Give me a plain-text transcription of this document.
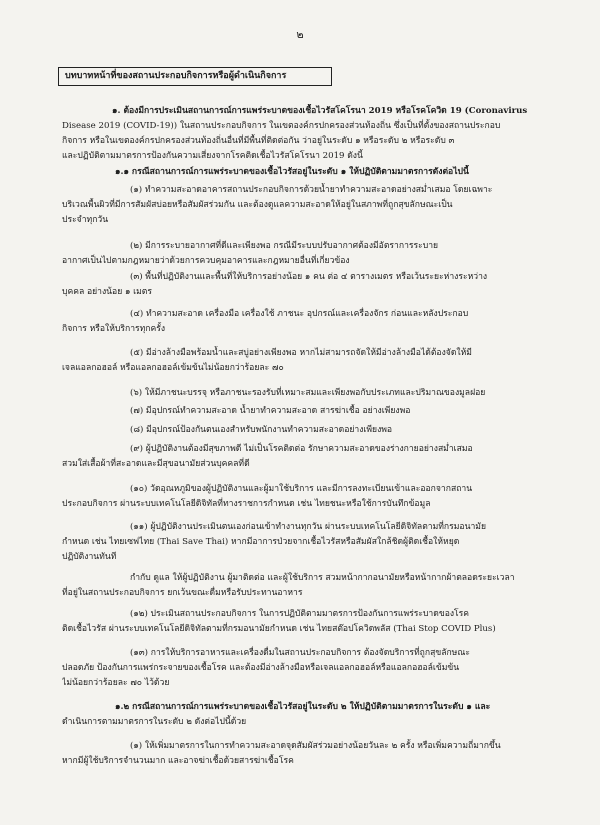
๒
บทบาทหน้าที่ของสถานประกอบกิจการหรือผู้ดำเนินกิจการ
๑. ต้องมีการประเมินสถานการณ์การแพร่ระบาดของเชื้อไวรัสโคโรนา 2019 หรือโรคโควิด 19 (Coronavirus
Disease 2019 (COVID-19)) ในสถานประกอบกิจการ ในเขตองค์กรปกครองส่วนท้องถิ่น ซึ่งเป็นที่ตั้งของสถานประกอบ
กิจการ หรือในเขตองค์กรปกครองส่วนท้องถิ่นอื่นที่มีพื้นที่ติดต่อกัน ว่าอยู่ในระดับ ๑ หรือระดับ ๒ หรือระดับ ๓
และปฏิบัติตามมาตรการป้องกันความเสี่ยงจากโรคติดเชื้อไวรัสโคโรนา 2019 ดังนี้
๑.๑ กรณีสถานการณ์การแพร่ระบาดของเชื้อไวรัสอยู่ในระดับ ๑ ให้ปฏิบัติตามมาตรการดังต่อไปนี้
(๑) ทำความสะอาดอาคารสถานประกอบกิจการด้วยน้ำยาทำความสะอาดอย่างสม่ำเสมอ โดยเฉพาะ
บริเวณพื้นผิวที่มีการสัมผัสบ่อยหรือสัมผัสร่วมกัน และต้องดูแลความสะอาดให้อยู่ในสภาพที่ถูกสุขลักษณะเป็น
ประจำทุกวัน
(๒) มีการระบายอากาศที่ดีและเพียงพอ กรณีมีระบบปรับอากาศต้องมีอัตราการระบาย
อากาศเป็นไปตามกฎหมายว่าด้วยการควบคุมอาคารและกฎหมายอื่นที่เกี่ยวข้อง
(๓) พื้นที่ปฏิบัติงานและพื้นที่ให้บริการอย่างน้อย ๑ คน ต่อ ๔ ตารางเมตร หรือเว้นระยะห่างระหว่าง
บุคคล อย่างน้อย ๑ เมตร
(๔) ทำความสะอาด เครื่องมือ เครื่องใช้ ภาชนะ อุปกรณ์และเครื่องจักร ก่อนและหลังประกอบ
กิจการ หรือให้บริการทุกครั้ง
(๕) มีอ่างล้างมือพร้อมน้ำและสบู่อย่างเพียงพอ หากไม่สามารถจัดให้มีอ่างล้างมือได้ต้องจัดให้มี
เจลแอลกอฮอล์ หรือแอลกอฮอล์เข้มข้นไม่น้อยกว่าร้อยละ ๗๐
(๖) ให้มีภาชนะบรรจุ หรือภาชนะรองรับที่เหมาะสมและเพียงพอกับประเภทและปริมาณของมูลฝอย
(๗) มีอุปกรณ์ทำความสะอาด น้ำยาทำความสะอาด สารฆ่าเชื้อ อย่างเพียงพอ
(๘) มีอุปกรณ์ป้องกันตนเองสำหรับพนักงานทำความสะอาดอย่างเพียงพอ
(๙) ผู้ปฏิบัติงานต้องมีสุขภาพดี ไม่เป็นโรคติดต่อ รักษาความสะอาดของร่างกายอย่างสม่ำเสมอ
สวมใส่เสื้อผ้าที่สะอาดและมีสุขอนามัยส่วนบุคคลที่ดี
(๑๐) วัดอุณหภูมิของผู้ปฏิบัติงานและผู้มาใช้บริการ และมีการลงทะเบียนเข้าและออกจากสถาน
ประกอบกิจการ ผ่านระบบเทคโนโลยีดิจิทัลที่ทางราชการกำหนด เช่น ไทยชนะหรือใช้การบันทึกข้อมูล
(๑๑) ผู้ปฏิบัติงานประเมินตนเองก่อนเข้าทำงานทุกวัน ผ่านระบบเทคโนโลยีดิจิทัลตามที่กรมอนามัย
กำหนด เช่น ไทยเซฟไทย (Thai Save Thai) หากมีอาการป่วยจากเชื้อไวรัสหรือสัมผัสใกล้ชิดผู้ติดเชื้อให้หยุด
ปฏิบัติงานทันที
กำกับ ดูแล ให้ผู้ปฏิบัติงาน ผู้มาติดต่อ และผู้ใช้บริการ สวมหน้ากากอนามัยหรือหน้ากากผ้าตลอดระยะเวลา
ที่อยู่ในสถานประกอบกิจการ ยกเว้นขณะดื่มหรือรับประทานอาหาร
(๑๒) ประเมินสถานประกอบกิจการ ในการปฏิบัติตามมาตรการป้องกันการแพร่ระบาดของโรค
ติดเชื้อไวรัส ผ่านระบบเทคโนโลยีดิจิทัลตามที่กรมอนามัยกำหนด เช่น ไทยสต๊อปโควิดพลัส (Thai Stop COVID Plus)
(๑๓) การให้บริการอาหารและเครื่องดื่มในสถานประกอบกิจการ ต้องจัดบริการที่ถูกสุขลักษณะ
ปลอดภัย ป้องกันการแพร่กระจายของเชื้อโรค และต้องมีอ่างล้างมือหรือเจลแอลกอฮอล์หรือแอลกอฮอล์เข้มข้น
ไม่น้อยกว่าร้อยละ ๗๐ ไว้ด้วย
๑.๒ กรณีสถานการณ์การแพร่ระบาดของเชื้อไวรัสอยู่ในระดับ ๒ ให้ปฏิบัติตามมาตรการในระดับ ๑ และ
ดำเนินการตามมาตรการในระดับ ๒ ดังต่อไปนี้ด้วย
(๑) ให้เพิ่มมาตรการในการทำความสะอาดจุดสัมผัสร่วมอย่างน้อยวันละ ๒ ครั้ง หรือเพิ่มความถี่มากขึ้น
หากมีผู้ใช้บริการจำนวนมาก และอาจฆ่าเชื้อด้วยสารฆ่าเชื้อโรค
